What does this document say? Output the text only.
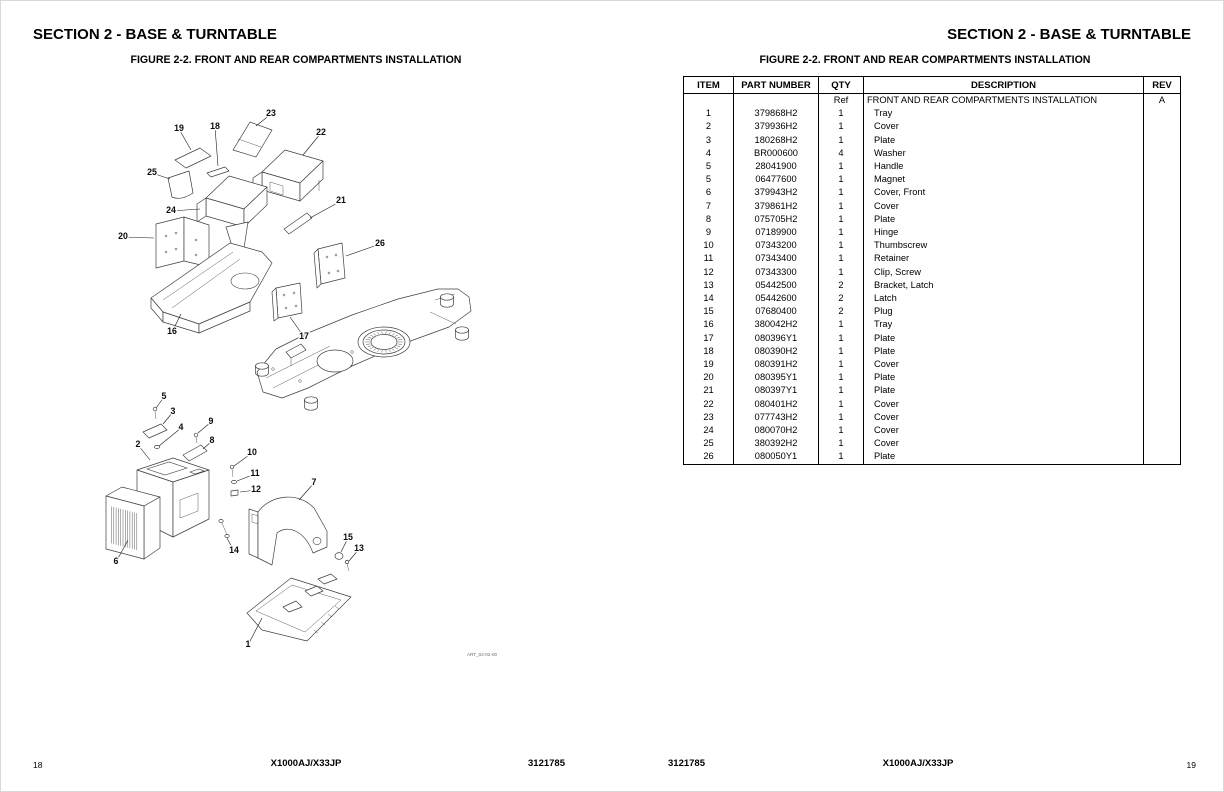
SECTION 2 - BASE & TURNTABLE
FIGURE 2-2. FRONT AND REAR COMPARTMENTS INSTALLATION
19	18
23
22
25
24
21
20
26
16	17
5
3
4
2
9
8
10
11
12
7
15
13
14
6
1
ART_02-02-00
18	X1000AJ/X33JP	3121785
SECTION 2 - BASE & TURNTABLE
FIGURE 2-2. FRONT AND REAR COMPARTMENTS INSTALLATION
ITEM	PART NUMBER	QTY	DESCRIPTION	REV
		Ref	FRONT AND REAR COMPARTMENTS INSTALLATION	A
1	379868H2	1	Tray	
2	379936H2	1	Cover	
3	180268H2	1	Plate	
4	BR000600	4	Washer	
5	28041900	1	Handle	
5	06477600	1	Magnet	
6	379943H2	1	Cover, Front	
7	379861H2	1	Cover	
8	075705H2	1	Plate	
9	07189900	1	Hinge	
10	07343200	1	Thumbscrew	
11	07343400	1	Retainer	
12	07343300	1	Clip, Screw	
13	05442500	2	Bracket, Latch	
14	05442600	2	Latch	
15	07680400	2	Plug	
16	380042H2	1	Tray	
17	080396Y1	1	Plate	
18	080390H2	1	Plate	
19	080391H2	1	Cover	
20	080395Y1	1	Plate	
21	080397Y1	1	Plate	
22	080401H2	1	Cover	
23	077743H2	1	Cover	
24	080070H2	1	Cover	
25	380392H2	1	Cover	
26	080050Y1	1	Plate	
3121785	X1000AJ/X33JP	19
